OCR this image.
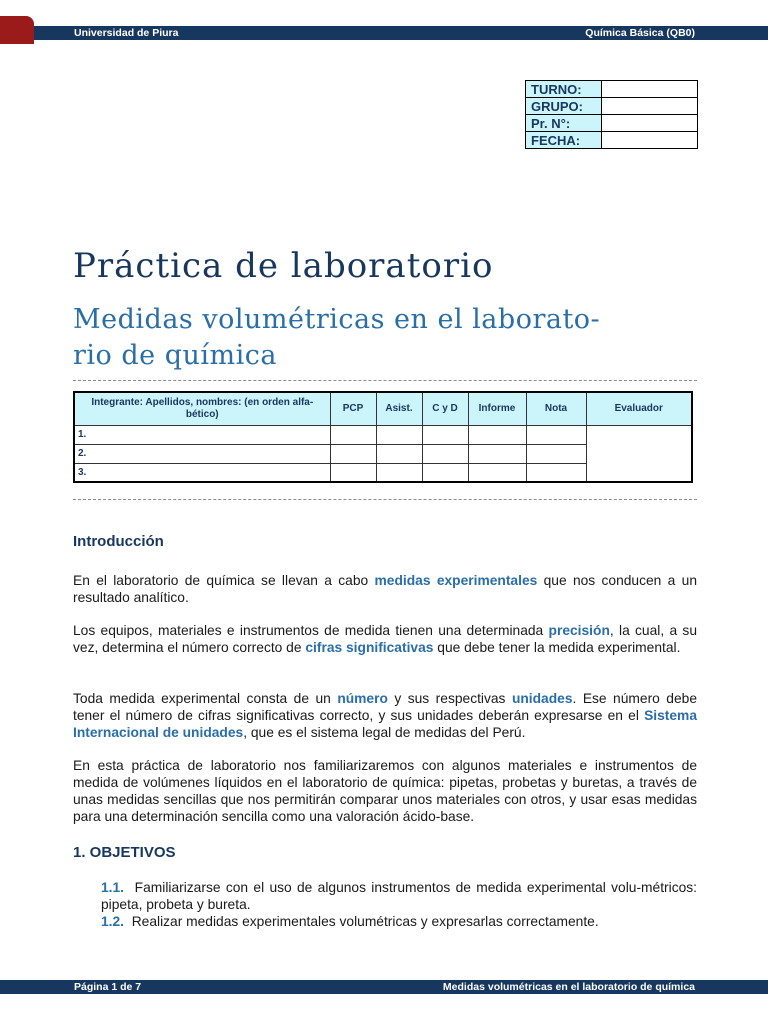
Universidad de Piura	Química Básica (QB0)
TURNO:	
GRUPO:	
Pr. N°:	
FECHA:	
Práctica de laboratorio
Medidas volumétricas en el laborato-
rio de química
Integrante: Apellidos, nombres: (en orden alfa-bético)	PCP	Asist.	C y D	Informe	Nota	Evaluador
1.						
2.						
3.						
Introducción
En el laboratorio de química se llevan a cabo medidas experimentales que nos conducen a un resultado analítico.
Los equipos, materiales e instrumentos de medida tienen una determinada precisión, la cual, a su vez, determina el número correcto de cifras significativas que debe tener la medida experimental.
Toda medida experimental consta de un número y sus respectivas unidades. Ese número debe tener el número de cifras significativas correcto, y sus unidades deberán expresarse en el Sistema Internacional de unidades, que es el sistema legal de medidas del Perú.
En esta práctica de laboratorio nos familiarizaremos con algunos materiales e instrumentos de medida de volúmenes líquidos en el laboratorio de química: pipetas, probetas y buretas, a través de unas medidas sencillas que nos permitirán comparar unos materiales con otros, y usar esas medidas para una determinación sencilla como una valoración ácido-base.
1. OBJETIVOS
1.1. Familiarizarse con el uso de algunos instrumentos de medida experimental volu-métricos: pipeta, probeta y bureta.
1.2. Realizar medidas experimentales volumétricas y expresarlas correctamente.
Página 1 de 7	Medidas volumétricas en el laboratorio de química
